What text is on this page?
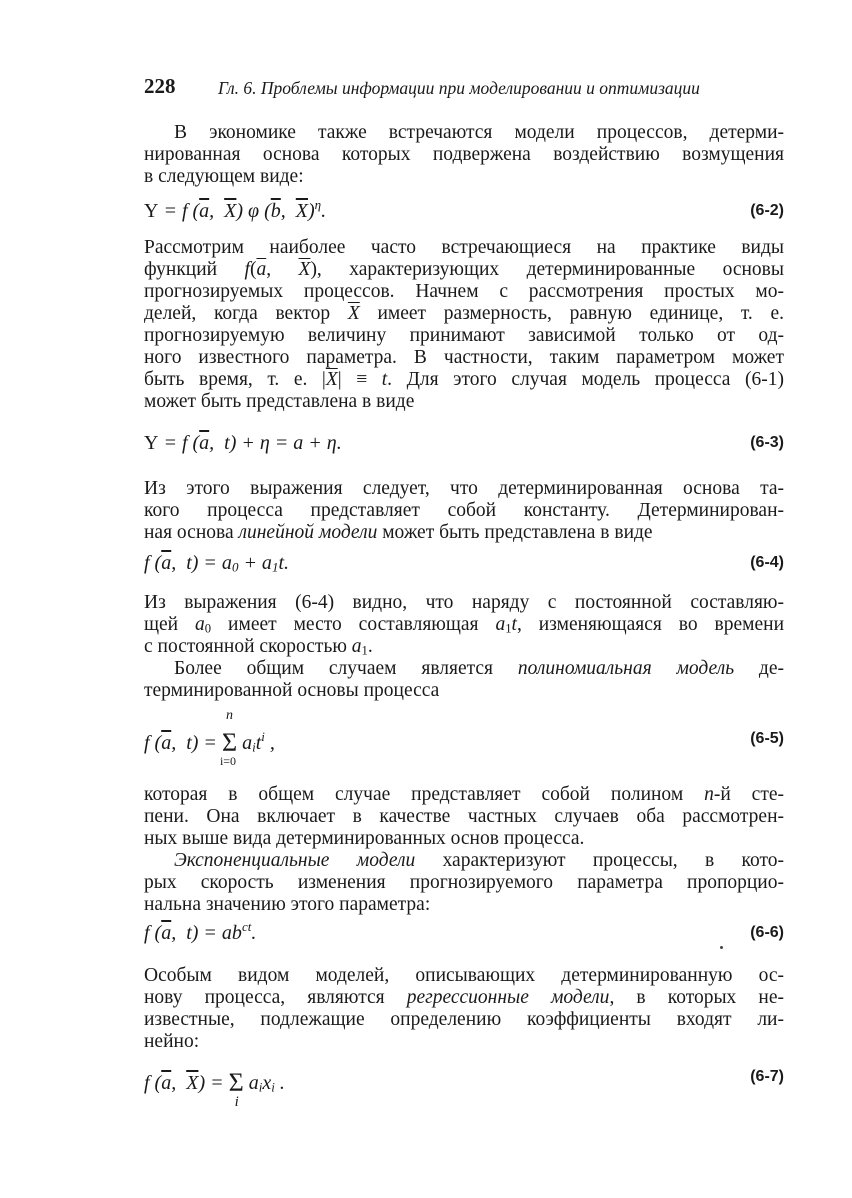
228 Гл. 6. Проблемы информации при моделировании и оптимизации
В экономике также встречаются модели процессов, детерми-
нированная основа которых подвержена воздействию возмущения
в следующем виде:
Y = f ($\overline{a}$,  $\overline{X}$) φ ($\overline{b}$,  $\overline{X})^\eta$.	(6-2)
Рассмотрим наиболее часто встречающиеся на практике виды
функций $f(\overline{a}$, $\overline{X}$), характеризующих детерминированные основы
прогнозируемых процессов. Начнем с рассмотрения простых мо-
делей, когда вектор $\overline{X}$ имеет размерность, равную единице, т. е.
прогнозируемую величину принимают зависимой только от од-
ного известного параметра. В частности, таким параметром может
быть время, т. е. $|\overline{X}| \equiv t$. Для этого случая модель процесса (6-1)
может быть представлена в виде
Y = f ($\overline{a}$,  t) + η = a + η.	(6-3)
Из этого выражения следует, что детерминированная основа та-
кого процесса представляет собой константу. Детерминирован-
ная основа линейной модели может быть представлена в виде
f ($\overline{a}$,  $t) = a_0 + a_1t$.	(6-4)
Из выражения (6-4) видно, что наряду с постоянной составляю-
щей $a_0$ имеет место составляющая $a_1t$, изменяющаяся во времени
с постоянной скоростью $a_1$.
Более общим случаем является полиномиальная модель де-
терминированной основы процесса
f ($\overline{a}$,  t) = Σ
n
i=0
$a_it^i$ ,	(6-5)
которая в общем случае представляет собой полином n-й сте-
пени. Она включает в качестве частных случаев оба рассмотрен-
ных выше вида детерминированных основ процесса.
Экспоненциальные модели характеризуют процессы, в кото-
рых скорость изменения прогнозируемого параметра пропорцио-
нальна значению этого параметра:
f ($\overline{a}$,  $t) = ab^{ct}$.	(6-6)
Особым видом моделей, описывающих детерминированную ос-
нову процесса, являются регрессионные модели, в которых не-
известные, подлежащие определению коэффициенты входят ли-
нейно:
f ($\overline{a}$,  $\overline{X}) = \Sigma$
i
$a_ix_i$ .	(6-7)
